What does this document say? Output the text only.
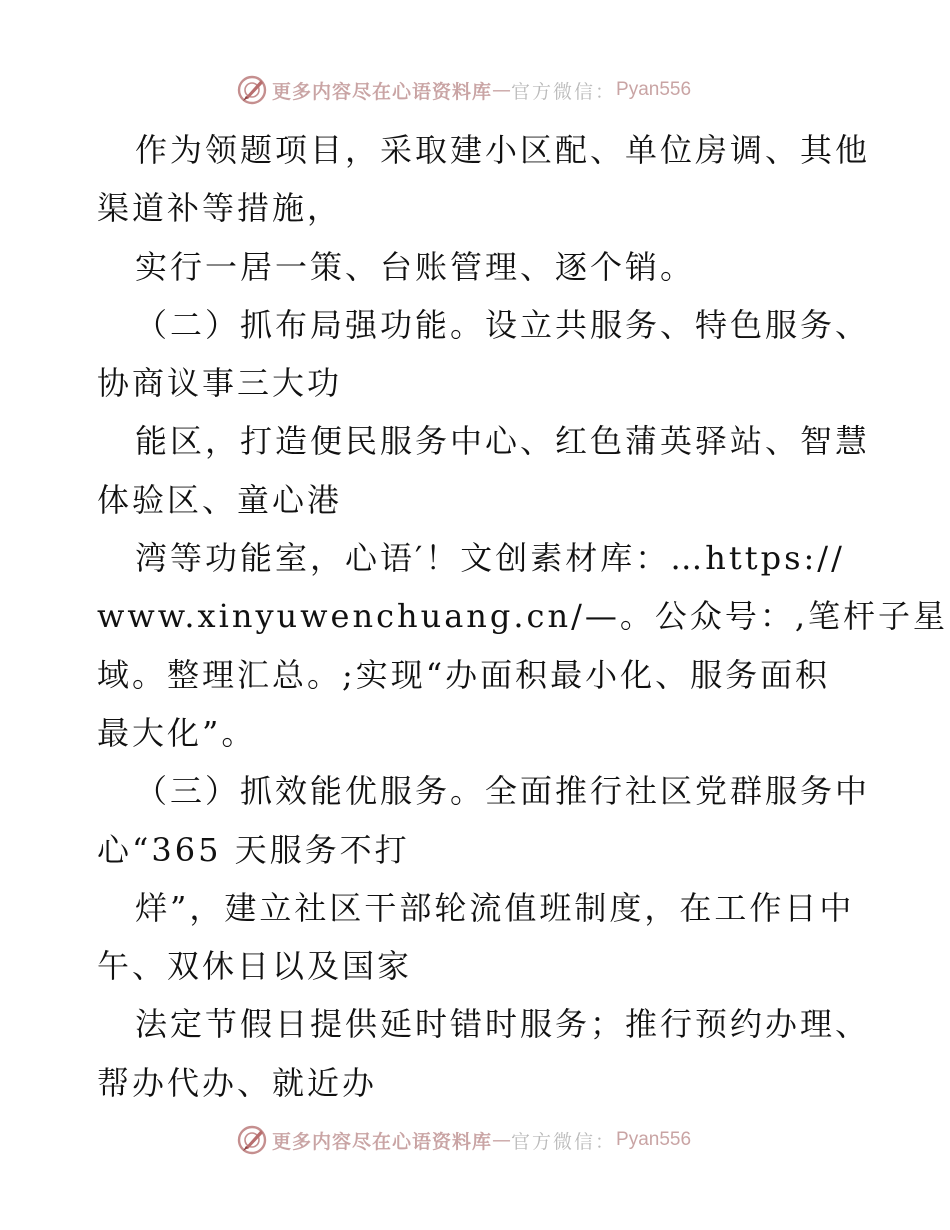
更多内容尽在心语资料库 — 官方微信： Pyan556
作为领题项目，采取建小区配、单位房调、其他
渠道补等措施，
实行一居一策、台账管理、逐个销。
（二）抓布局强功能。设立共服务、特色服务、
协商议事三大功
能区，打造便民服务中心、红色蒲英驿站、智慧
体验区、童心港
湾等功能室，心语′！文创素材库：…https://
www.xinyuwenchuang.cn/—。公众号：,笔杆子星
域。整理汇总。;实现“办面积最小化、服务面积
最大化”。
（三）抓效能优服务。全面推行社区党群服务中
心“365 天服务不打
烊”，建立社区干部轮流值班制度，在工作日中
午、双休日以及国家
法定节假日提供延时错时服务；推行预约办理、
帮办代办、就近办
更多内容尽在心语资料库 — 官方微信： Pyan556
